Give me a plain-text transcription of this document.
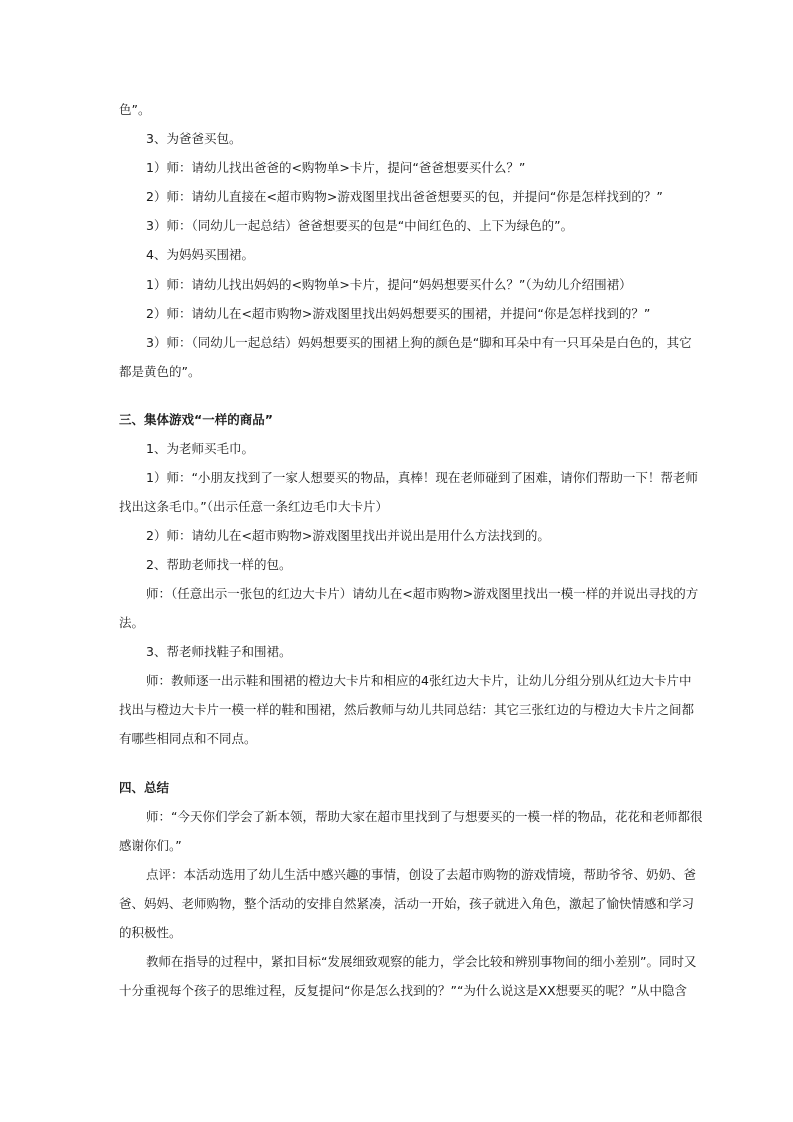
色”。
3、为爸爸买包。
1）师：请幼儿找出爸爸的<购物单>卡片，提问“爸爸想要买什么？”
2）师：请幼儿直接在<超市购物>游戏图里找出爸爸想要买的包，并提问“你是怎样找到的？”
3）师：（同幼儿一起总结）爸爸想要买的包是“中间红色的、上下为绿色的”。
4、为妈妈买围裙。
1）师：请幼儿找出妈妈的<购物单>卡片，提问“妈妈想要买什么？”（为幼儿介绍围裙）
2）师：请幼儿在<超市购物>游戏图里找出妈妈想要买的围裙，并提问“你是怎样找到的？”
3）师：（同幼儿一起总结）妈妈想要买的围裙上狗的颜色是“脚和耳朵中有一只耳朵是白色的，其它
都是黄色的”。
三、集体游戏“一样的商品”
1、为老师买毛巾。
1）师：“小朋友找到了一家人想要买的物品，真棒！现在老师碰到了困难，请你们帮助一下！帮老师
找出这条毛巾。”（出示任意一条红边毛巾大卡片）
2）师：请幼儿在<超市购物>游戏图里找出并说出是用什么方法找到的。
2、帮助老师找一样的包。
师：（任意出示一张包的红边大卡片）请幼儿在<超市购物>游戏图里找出一模一样的并说出寻找的方
法。
3、帮老师找鞋子和围裙。
师：教师逐一出示鞋和围裙的橙边大卡片和相应的4张红边大卡片，让幼儿分组分别从红边大卡片中
找出与橙边大卡片一模一样的鞋和围裙，然后教师与幼儿共同总结：其它三张红边的与橙边大卡片之间都
有哪些相同点和不同点。
四、总结
师：“今天你们学会了新本领，帮助大家在超市里找到了与想要买的一模一样的物品，花花和老师都很
感谢你们。”
点评：本活动选用了幼儿生活中感兴趣的事情，创设了去超市购物的游戏情境，帮助爷爷、奶奶、爸
爸、妈妈、老师购物，整个活动的安排自然紧凑，活动一开始，孩子就进入角色，激起了愉快情感和学习
的积极性。
教师在指导的过程中，紧扣目标“发展细致观察的能力，学会比较和辨别事物间的细小差别”。同时又
十分重视每个孩子的思维过程，反复提问“你是怎么找到的？”“为什么说这是XX想要买的呢？”从中隐含
